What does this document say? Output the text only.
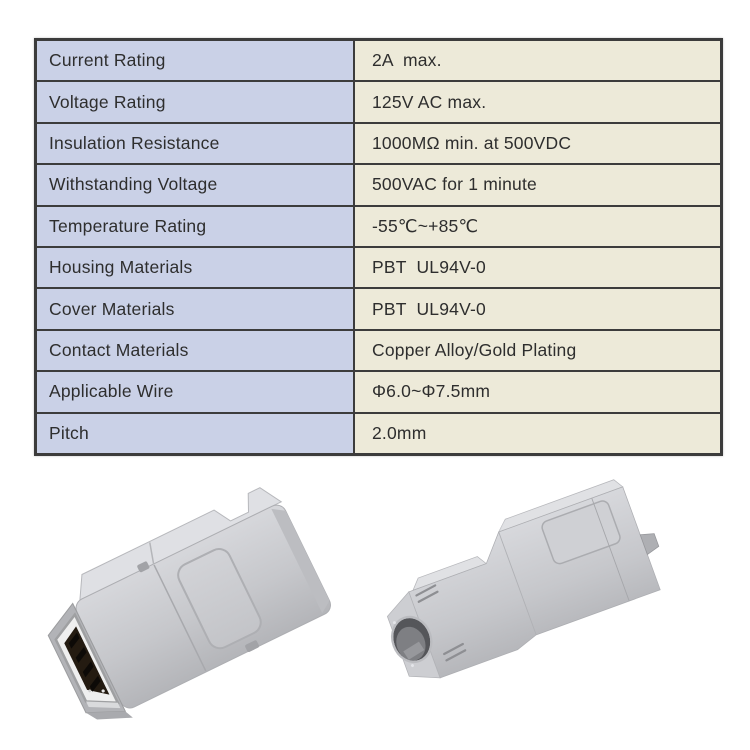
Current Rating	2A  max.
Voltage Rating	125V AC max.
Insulation Resistance	1000MΩ min. at 500VDC
Withstanding Voltage	500VAC for 1 minute
Temperature Rating	-55℃~+85℃
Housing Materials	PBT  UL94V-0
Cover Materials	PBT  UL94V-0
Contact Materials	Copper Alloy/Gold Plating
Applicable Wire	Φ6.0~Φ7.5mm
Pitch	2.0mm
